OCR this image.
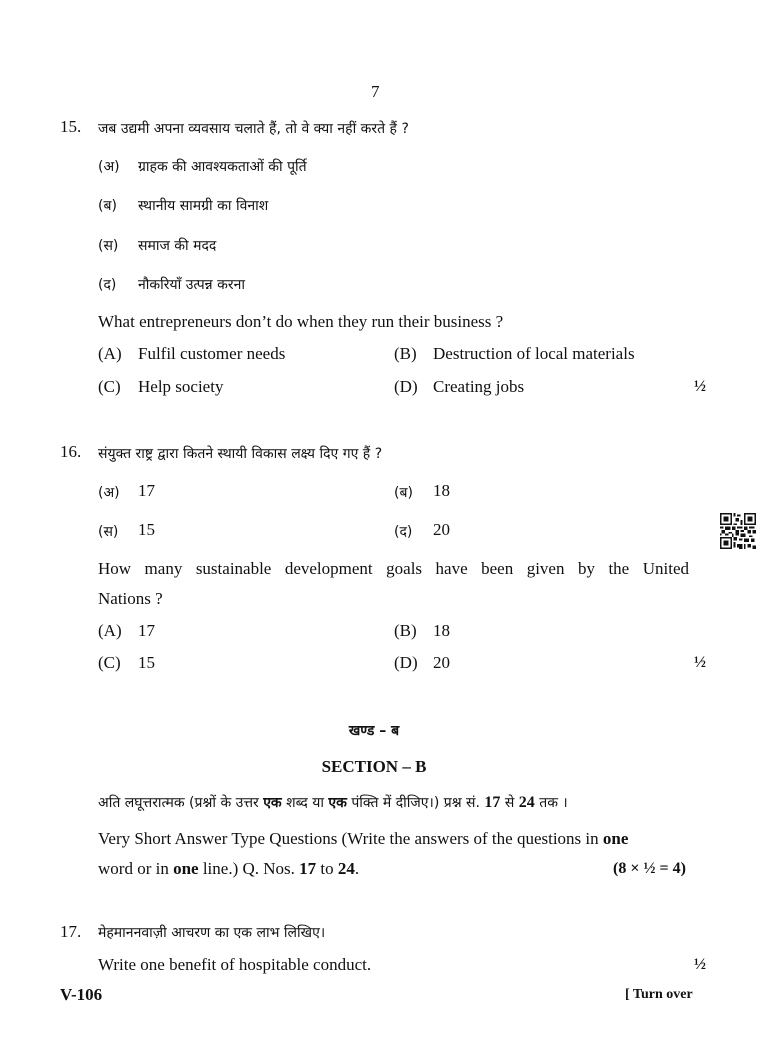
7
15. जब उद्यमी अपना व्यवसाय चलाते हैं, तो वे क्या नहीं करते हैं ?
(अ) ग्राहक की आवश्यकताओं की पूर्ति
(ब) स्थानीय सामग्री का विनाश
(स) समाज की मदद
(द) नौकरियाँ उत्पन्न करना
What entrepreneurs don’t do when they run their business ?
(A) Fulfil customer needs	(B) Destruction of local materials
(C) Help society	(D) Creating jobs	½
16. संयुक्त राष्ट्र द्वारा कितने स्थायी विकास लक्ष्य दिए गए हैं ?
(अ) 17	(ब) 18
(स) 15	(द) 20
How many sustainable development goals have been given by the United
Nations ?
(A) 17	(B) 18
(C) 15	(D) 20	½
खण्ड – ब
SECTION – B
अति लघूत्तरात्मक (प्रश्नों के उत्तर एक शब्द या एक पंक्ति में दीजिए।) प्रश्न सं. 17 से 24 तक ।
Very Short Answer Type Questions (Write the answers of the questions in one
word or in one line.) Q. Nos. 17 to 24.	(8 × ½ = 4)
17. मेहमाननवाज़ी आचरण का एक लाभ लिखिए।
Write one benefit of hospitable conduct.	½
V-106	[ Turn over
